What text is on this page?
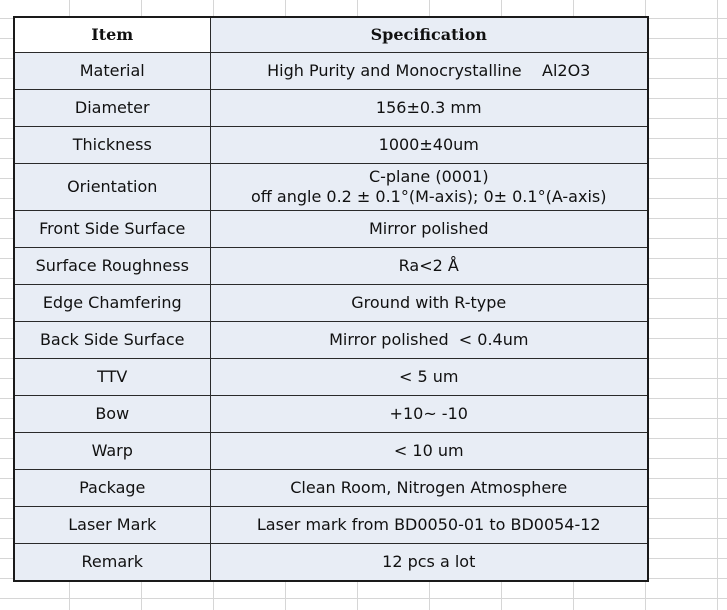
Item	Specification
Material	High Purity and Monocrystalline    Al2O3

Diameter	156±0.3 mm

Thickness	1000±40um

Orientation	C-plane (0001)
off angle 0.2 ± 0.1°(M-axis); 0± 0.1°(A-axis)

Front Side Surface	Mirror polished

Surface Roughness	Ra<2 Å

Edge Chamfering	Ground with R-type

Back Side Surface	Mirror polished  < 0.4um

TTV	< 5 um

Bow	+10~ -10

Warp	< 10 um

Package	Clean Room, Nitrogen Atmosphere

Laser Mark	Laser mark from BD0050-01 to BD0054-12

Remark	12 pcs a lot
